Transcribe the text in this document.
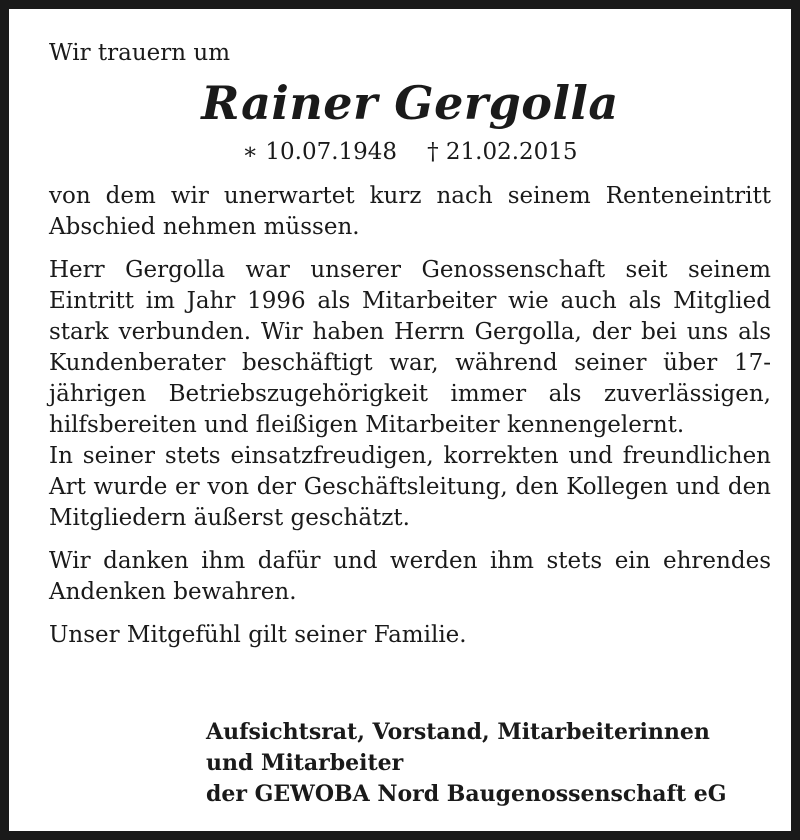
Wir trauern um

Rainer Gergolla

∗ 10.07.1948 † 21.02.2015

von dem wir unerwartet kurz nach seinem Renteneintritt Abschied nehmen müssen.

Herr Gergolla war unserer Genossenschaft seit seinem Eintritt im Jahr 1996 als Mitarbeiter wie auch als Mitglied stark verbunden. Wir haben Herrn Gergolla, der bei uns als Kundenberater beschäftigt war, während seiner über 17-jährigen Betriebszugehörigkeit immer als zuverlässigen, hilfsbereiten und fleißigen Mitarbeiter kennengelernt.

In seiner stets einsatzfreudigen, korrekten und freundlichen Art wurde er von der Geschäftsleitung, den Kollegen und den Mitgliedern äußerst geschätzt.

Wir danken ihm dafür und werden ihm stets ein ehrendes Andenken bewahren.

Unser Mitgefühl gilt seiner Familie.

Aufsichtsrat, Vorstand, Mitarbeiterinnen
und Mitarbeiter
der GEWOBA Nord Baugenossenschaft eG
